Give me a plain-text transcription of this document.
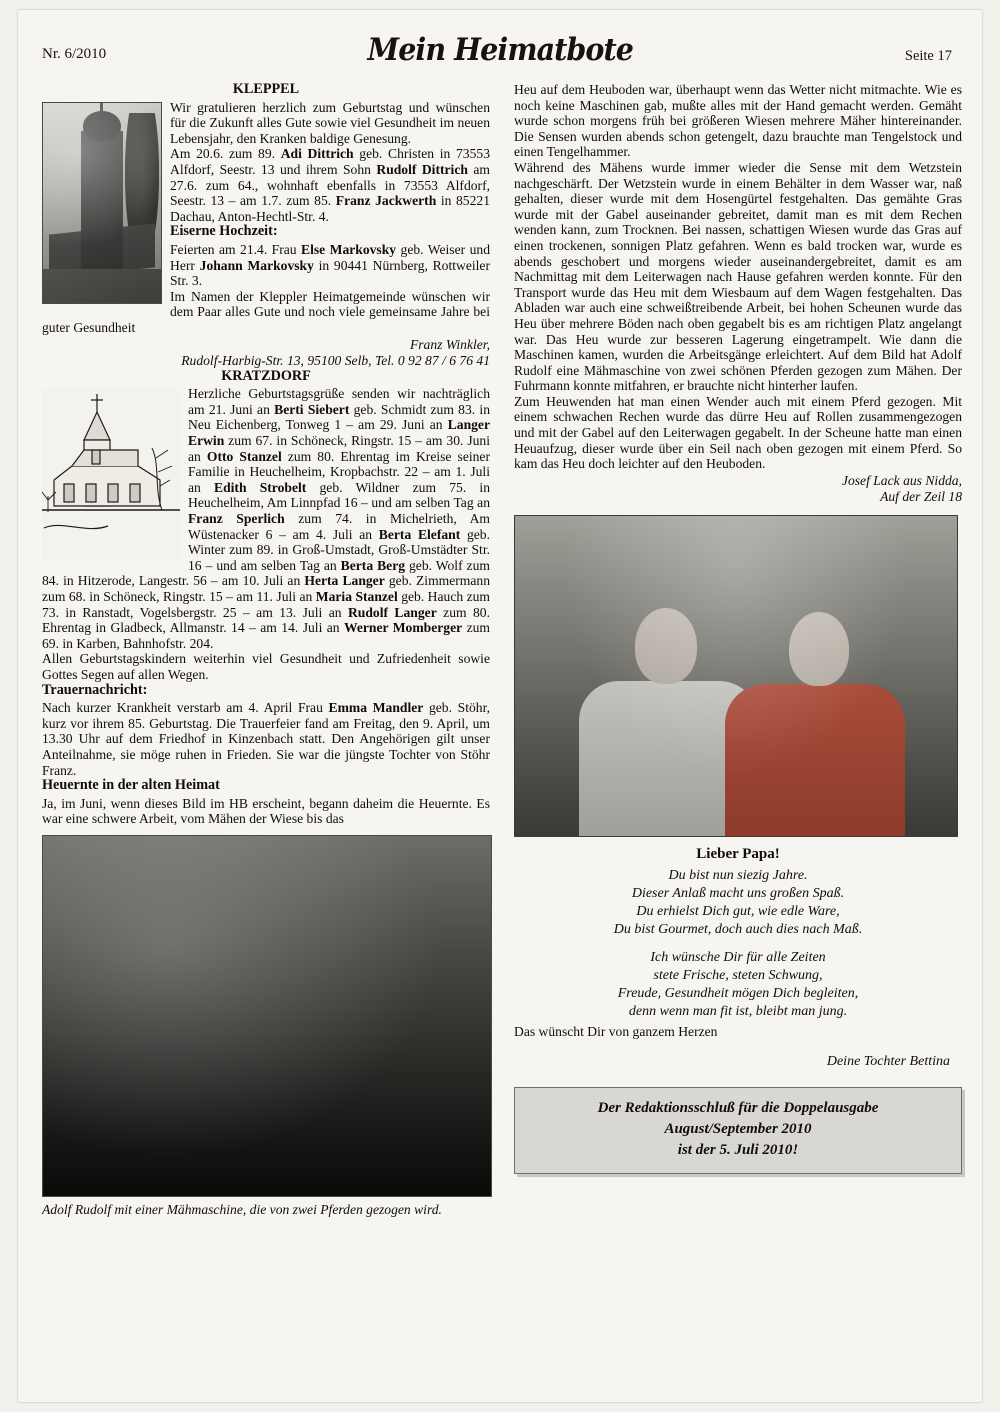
Nr. 6/2010	Mein Heimatbote	Seite 17
KLEPPEL

Wir gratulieren herzlich zum Geburtstag und wünschen für die Zukunft alles Gute sowie viel Gesundheit im neuen Lebensjahr, den Kranken baldige Genesung.

Am 20.6. zum 89. Adi Dittrich geb. Christen in 73553 Alfdorf, Seestr. 13 und ihrem Sohn Rudolf Dittrich am 27.6. zum 64., wohnhaft ebenfalls in 73553 Alfdorf, Seestr. 13 – am 1.7. zum 85. Franz Jackwerth in 85221 Dachau, Anton-Hechtl-Str. 4.

Eiserne Hochzeit:

Feierten am 21.4. Frau Else Markovsky geb. Weiser und Herr Johann Markovsky in 90441 Nürnberg, Rottweiler Str. 3.

Im Namen der Kleppler Heimatgemeinde wünschen wir dem Paar alles Gute und noch viele gemeinsame Jahre bei guter Gesundheit

Franz Winkler,
Rudolf-Harbig-Str. 13, 95100 Selb, Tel. 0 92 87 / 6 76 41
KRATZDORF

Herzliche Geburtstagsgrüße senden wir nachträglich am 21. Juni an Berti Siebert geb. Schmidt zum 83. in Neu Eichenberg, Tonweg 1 – am 29. Juni an Langer Erwin zum 67. in Schöneck, Ringstr. 15 – am 30. Juni an Otto Stanzel zum 80. Ehrentag im Kreise seiner Familie in Heuchelheim, Kropbachstr. 22 – am 1. Juli an Edith Strobelt geb. Wildner zum 75. in Heuchelheim, Am Linnpfad 16 – und am selben Tag an Franz Sperlich zum 74. in Michelrieth, Am Wüstenacker 6 – am 4. Juli an Berta Elefant geb. Winter zum 89. in Groß-Umstadt, Groß-Umstädter Str. 16 – und am selben Tag an Berta Berg geb. Wolf zum 84. in Hitzerode, Langestr. 56 – am 10. Juli an Herta Langer geb. Zimmermann zum 68. in Schöneck, Ringstr. 15 – am 11. Juli an Maria Stanzel geb. Hauch zum 73. in Ranstadt, Vogelsbergstr. 25 – am 13. Juli an Rudolf Langer zum 80. Ehrentag in Gladbeck, Allmanstr. 14 – am 14. Juli an Werner Momberger zum 69. in Karben, Bahnhofstr. 204.

Allen Geburtstagskindern weiterhin viel Gesundheit und Zufriedenheit sowie Gottes Segen auf allen Wegen.

Trauernachricht:

Nach kurzer Krankheit verstarb am 4. April Frau Emma Mandler geb. Stöhr, kurz vor ihrem 85. Geburtstag. Die Trauerfeier fand am Freitag, den 9. April, um 13.30 Uhr auf dem Friedhof in Kinzenbach statt. Den Angehörigen gilt unser Anteilnahme, sie möge ruhen in Frieden. Sie war die jüngste Tochter von Stöhr Franz.

Heuernte in der alten Heimat

Ja, im Juni, wenn dieses Bild im HB erscheint, begann daheim die Heuernte. Es war eine schwere Arbeit, vom Mähen der Wiese bis das

Adolf Rudolf mit einer Mähmaschine, die von zwei Pferden gezogen wird.

Heu auf dem Heuboden war, überhaupt wenn das Wetter nicht mitmachte. Wie es noch keine Maschinen gab, mußte alles mit der Hand gemacht werden. Gemäht wurde schon morgens früh bei größeren Wiesen mehrere Mäher hintereinander. Die Sensen wurden abends schon getengelt, dazu brauchte man Tengelstock und einen Tengelhammer.

Während des Mähens wurde immer wieder die Sense mit dem Wetzstein nachgeschärft. Der Wetzstein wurde in einem Behälter in dem Wasser war, naß gehalten, dieser wurde mit dem Hosengürtel festgehalten. Das gemähte Gras wurde mit der Gabel auseinander gebreitet, damit man es mit dem Rechen wenden kann, zum Trocknen. Bei nassen, schattigen Wiesen wurde das Gras auf einen trockenen, sonnigen Platz gefahren. Wenn es bald trocken war, wurde es abends geschobert und morgens wieder auseinandergebreitet, damit es am Nachmittag mit dem Leiterwagen nach Hause gefahren werden konnte. Für den Transport wurde das Heu mit dem Wiesbaum auf dem Wagen festgehalten. Das Abladen war auch eine schweißtreibende Arbeit, bei hohen Scheunen wurde das Heu über mehrere Böden nach oben gegabelt bis es am richtigen Platz angelangt war. Das Heu wurde zur besseren Lagerung eingetrampelt. Wie dann die Maschinen kamen, wurden die Arbeitsgänge erleichtert. Auf dem Bild hat Adolf Rudolf eine Mähmaschine von zwei schönen Pferden gezogen zum Mähen. Der Fuhrmann konnte mitfahren, er brauchte nicht hinterher laufen.

Zum Heuwenden hat man einen Wender auch mit einem Pferd gezogen. Mit einem schwachen Rechen wurde das dürre Heu auf Rollen zusammengezogen und mit der Gabel auf den Leiterwagen gegabelt. In der Scheune hatte man einen Heuaufzug, dieser wurde über ein Seil nach oben gezogen mit einem Pferd. So kam das Heu doch leichter auf den Heuboden.

Josef Lack aus Nidda,
Auf der Zeil 18
Lieber Papa!
Du bist nun siezig Jahre.
Dieser Anlaß macht uns großen Spaß.
Du erhielst Dich gut, wie edle Ware,
Du bist Gourmet, doch auch dies nach Maß.
Ich wünsche Dir für alle Zeiten
stete Frische, steten Schwung,
Freude, Gesundheit mögen Dich begleiten,
denn wenn man fit ist, bleibt man jung.
Das wünscht Dir von ganzem Herzen
Deine Tochter Bettina
Der Redaktionsschluß für die Doppelausgabe
August/September 2010
ist der 5. Juli 2010!
